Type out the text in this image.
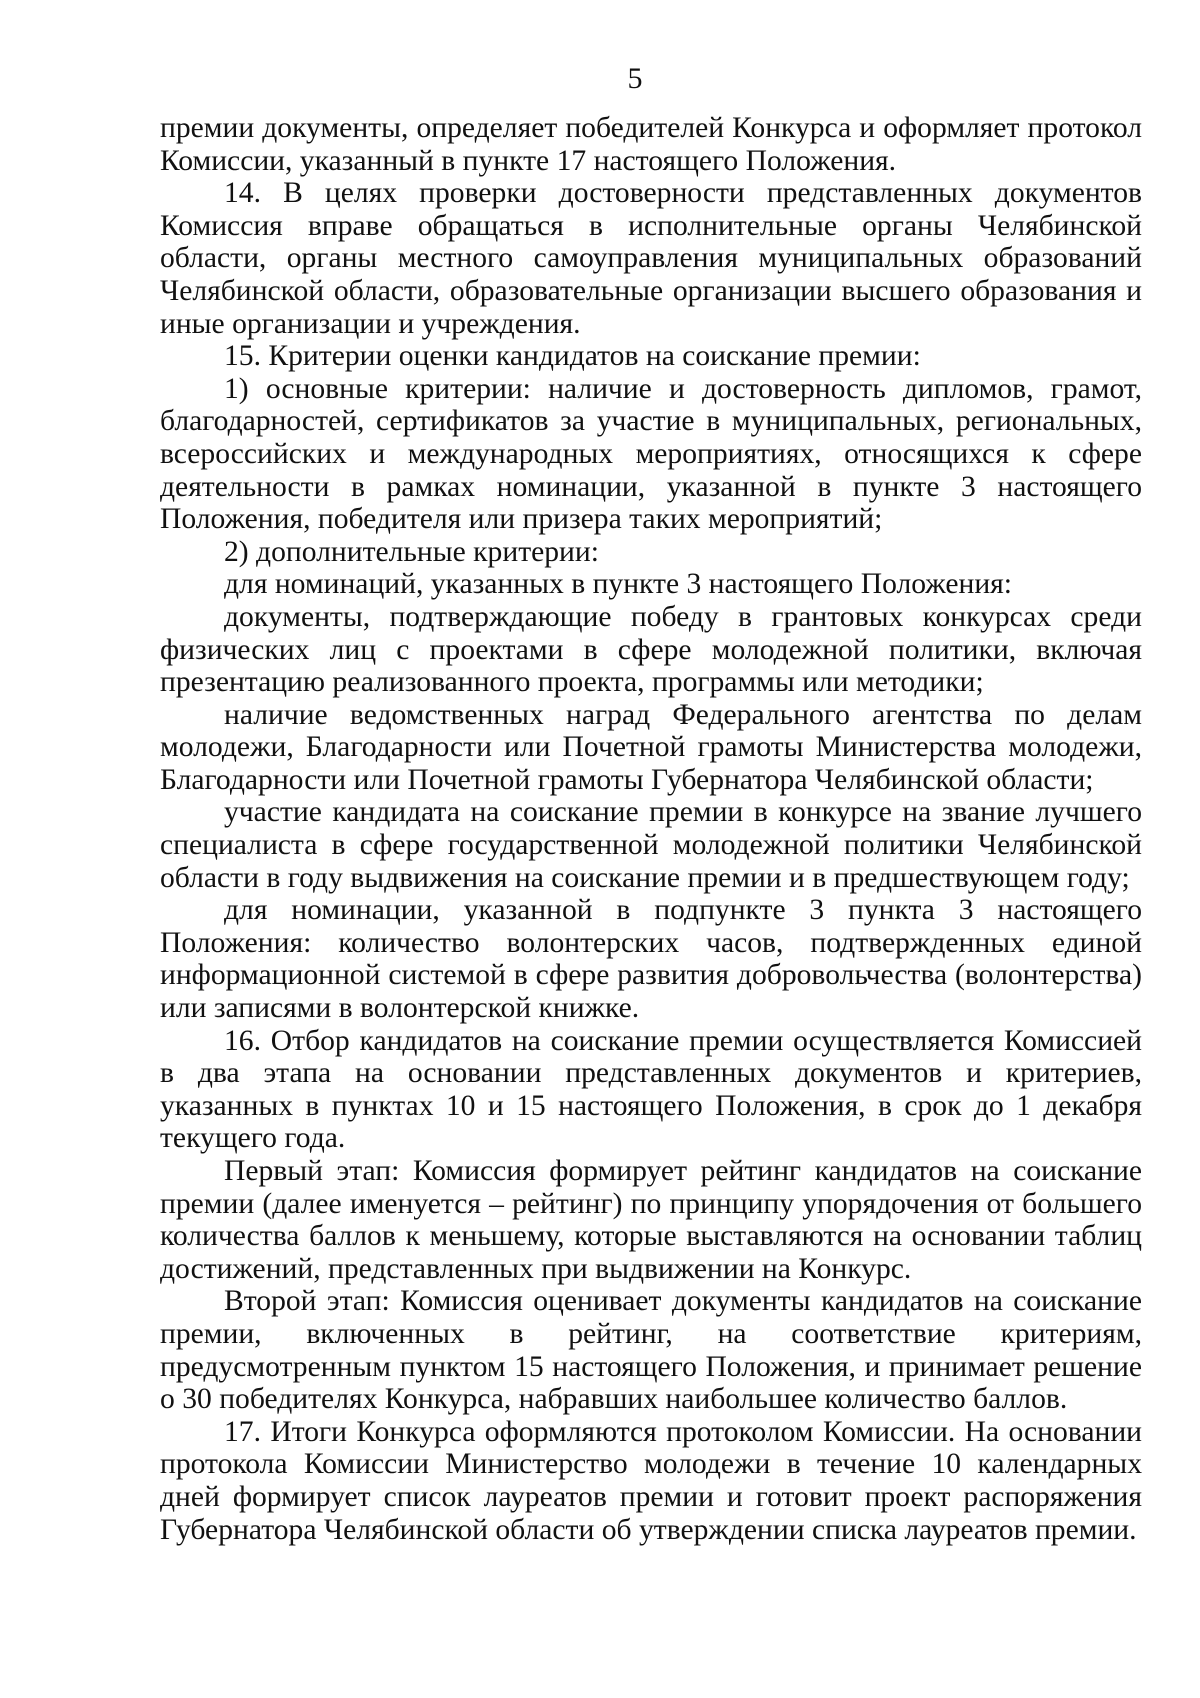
5

премии документы, определяет победителей Конкурса и оформляет протокол Комиссии, указанный в пункте 17 настоящего Положения.

14. В целях проверки достоверности представленных документов Комиссия вправе обращаться в исполнительные органы Челябинской области, органы местного самоуправления муниципальных образований Челябинской области, образовательные организации высшего образования и иные организации и учреждения.

15. Критерии оценки кандидатов на соискание премии:

1) основные критерии: наличие и достоверность дипломов, грамот, благодарностей, сертификатов за участие в муниципальных, региональных, всероссийских и международных мероприятиях, относящихся к сфере деятельности в рамках номинации, указанной в пункте 3 настоящего Положения, победителя или призера таких мероприятий;

2) дополнительные критерии:

для номинаций, указанных в пункте 3 настоящего Положения:

документы, подтверждающие победу в грантовых конкурсах среди физических лиц с проектами в сфере молодежной политики, включая презентацию реализованного проекта, программы или методики;

наличие ведомственных наград Федерального агентства по делам молодежи, Благодарности или Почетной грамоты Министерства молодежи, Благодарности или Почетной грамоты Губернатора Челябинской области;

участие кандидата на соискание премии в конкурсе на звание лучшего специалиста в сфере государственной молодежной политики Челябинской области в году выдвижения на соискание премии и в предшествующем году;

для номинации, указанной в подпункте 3 пункта 3 настоящего Положения: количество волонтерских часов, подтвержденных единой информационной системой в сфере развития добровольчества (волонтерства) или записями в волонтерской книжке.

16. Отбор кандидатов на соискание премии осуществляется Комиссией в два этапа на основании представленных документов и критериев, указанных в пунктах 10 и 15 настоящего Положения, в срок до 1 декабря текущего года.

Первый этап: Комиссия формирует рейтинг кандидатов на соискание премии (далее именуется – рейтинг) по принципу упорядочения от большего количества баллов к меньшему, которые выставляются на основании таблиц достижений, представленных при выдвижении на Конкурс.

Второй этап: Комиссия оценивает документы кандидатов на соискание премии, включенных в рейтинг, на соответствие критериям, предусмотренным пунктом 15 настоящего Положения, и принимает решение о 30 победителях Конкурса, набравших наибольшее количество баллов.

17. Итоги Конкурса оформляются протоколом Комиссии. На основании протокола Комиссии Министерство молодежи в течение 10 календарных дней формирует список лауреатов премии и готовит проект распоряжения Губернатора Челябинской области об утверждении списка лауреатов премии.
